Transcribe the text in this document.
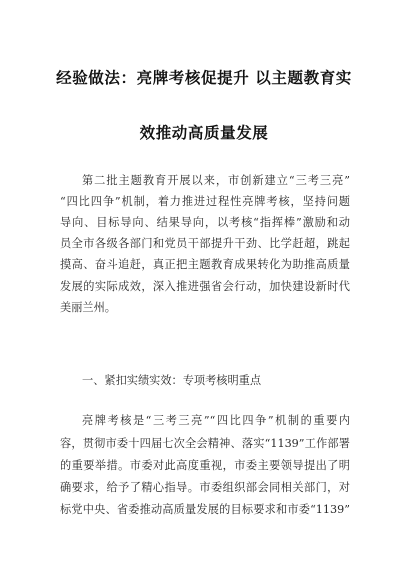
经验做法：亮牌考核促提升 以主题教育实
效推动高质量发展
第二批主题教育开展以来，市创新建立“三考三亮”
“四比四争”机制，着力推进过程性亮牌考核，坚持问题
导向、目标导向、结果导向，以考核“指挥棒”激励和动
员全市各级各部门和党员干部提升干劲、比学赶超，跳起
摸高、奋斗追赶，真正把主题教育成果转化为助推高质量
发展的实际成效，深入推进强省会行动，加快建设新时代
美丽兰州。
一、紧扣实绩实效：专项考核明重点
亮牌考核是“三考三亮”“四比四争”机制的重要内
容，贯彻市委十四届七次全会精神、落实“1139”工作部署
的重要举措。市委对此高度重视，市委主要领导提出了明
确要求，给予了精心指导。市委组织部会同相关部门，对
标党中央、省委推动高质量发展的目标要求和市委“1139”
